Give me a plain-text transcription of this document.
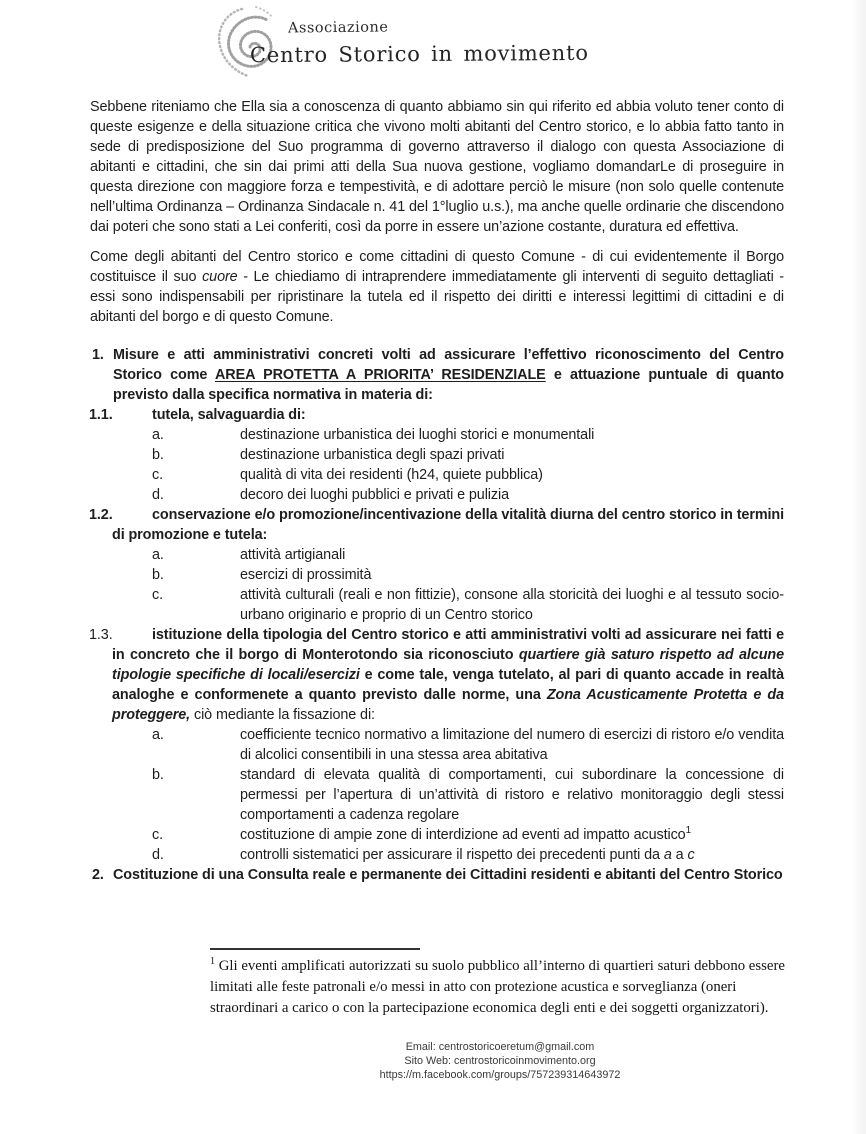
Associazione
Centro Storico in movimento

Sebbene riteniamo che Ella sia a conoscenza di quanto abbiamo sin qui riferito ed abbia voluto tener conto di queste esigenze e della situazione critica che vivono molti abitanti del Centro storico, e lo abbia fatto tanto in sede di predisposizione del Suo programma di governo attraverso il dialogo con questa Associazione di abitanti e cittadini, che sin dai primi atti della Sua nuova gestione, vogliamo domandarLe di proseguire in questa direzione con maggiore forza e tempestività, e di adottare perciò le misure (non solo quelle contenute nell’ultima Ordinanza – Ordinanza Sindacale n. 41 del 1°luglio u.s.), ma anche quelle ordinarie che discendono dai poteri che sono stati a Lei conferiti, così da porre in essere un’azione costante, duratura ed effettiva.

Come degli abitanti del Centro storico e come cittadini di questo Comune - di cui evidentemente il Borgo costituisce il suo cuore - Le chiediamo di intraprendere immediatamente gli interventi di seguito dettagliati - essi sono indispensabili per ripristinare la tutela ed il rispetto dei diritti e interessi legittimi di cittadini e di abitanti del borgo e di questo Comune.

1. Misure e atti amministrativi concreti volti ad assicurare l’effettivo riconoscimento del Centro Storico come AREA PROTETTA A PRIORITA’ RESIDENZIALE e attuazione puntuale di quanto previsto dalla specifica normativa in materia di:
1.1.	tutela, salvaguardia di:
a.	destinazione urbanistica dei luoghi storici e monumentali
b.	destinazione urbanistica degli spazi privati
c.	qualità di vita dei residenti (h24, quiete pubblica)
d.	decoro dei luoghi pubblici e privati e pulizia
1.2.	conservazione e/o promozione/incentivazione della vitalità diurna del centro storico in termini di promozione e tutela:
a.	attività artigianali
b.	esercizi di prossimità
c.	attività culturali (reali e non fittizie), consone alla storicità dei luoghi e al tessuto socio-urbano originario e proprio di un Centro storico
1.3.	istituzione della tipologia del Centro storico e atti amministrativi volti ad assicurare nei fatti e in concreto che il borgo di Monterotondo sia riconosciuto quartiere già saturo rispetto ad alcune tipologie specifiche di locali/esercizi e come tale, venga tutelato, al pari di quanto accade in realtà analoghe e conformenete a quanto previsto dalle norme, una Zona Acusticamente Protetta e da proteggere, ciò mediante la fissazione di:
a.	coefficiente tecnico normativo a limitazione del numero di esercizi di ristoro e/o vendita di alcolici consentibili in una stessa area abitativa
b.	standard di elevata qualità di comportamenti, cui subordinare la concessione di permessi per l’apertura di un’attività di ristoro e relativo monitoraggio degli stessi comportamenti a cadenza regolare
c.	costituzione di ampie zone di interdizione ad eventi ad impatto acustico$^1$
d.	controlli sistematici per assicurare il rispetto dei precedenti punti da a a c
2. Costituzione di una Consulta reale e permanente dei Cittadini residenti e abitanti del Centro Storico

$^1$ Gli eventi amplificati autorizzati su suolo pubblico all’interno di quartieri saturi debbono essere limitati alle feste patronali e/o messi in atto con protezione acustica e sorveglianza (oneri straordinari a carico o con la partecipazione economica degli enti e dei soggetti organizzatori).

Email: centrostoricoeretum@gmail.com
Sito Web: centrostoricoinmovimento.org
https://m.facebook.com/groups/757239314643972
